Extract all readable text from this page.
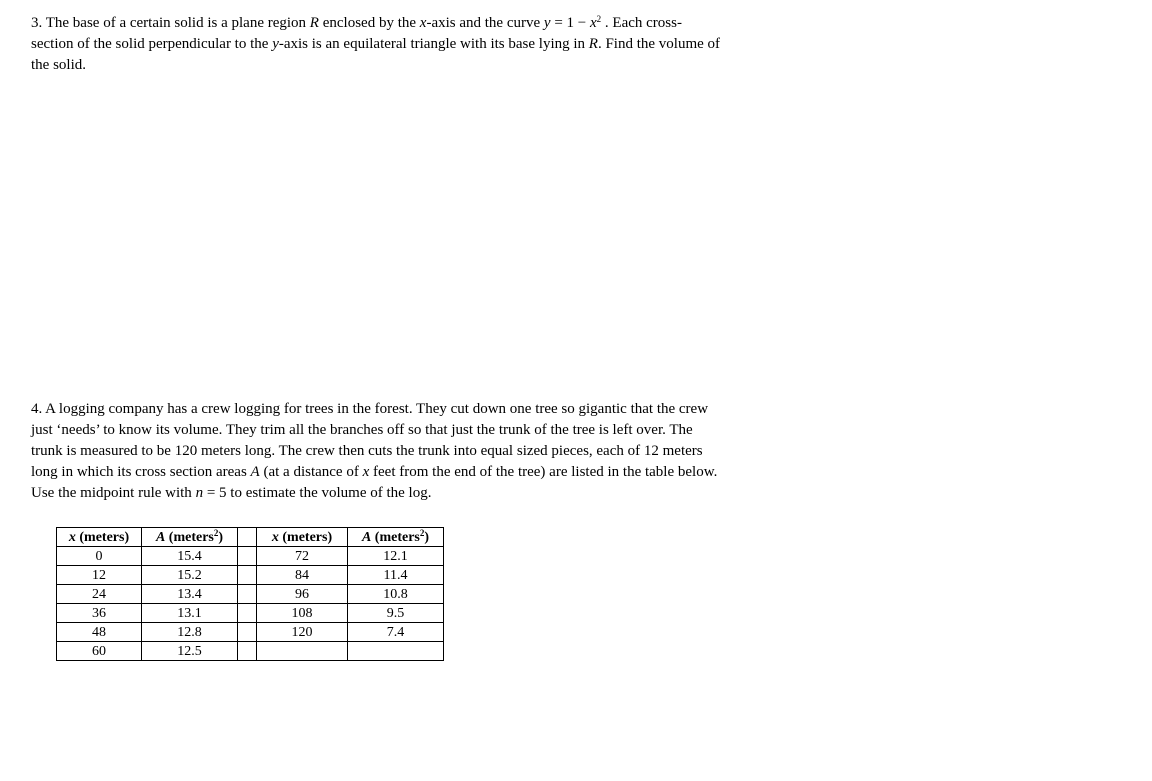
3. The base of a certain solid is a plane region R enclosed by the x-axis and the curve $y = 1 - x^2$ . Each cross-
section of the solid perpendicular to the y-axis is an equilateral triangle with its base lying in R. Find the volume of
the solid.
4. A logging company has a crew logging for trees in the forest. They cut down one tree so gigantic that the crew
just ‘needs’ to know its volume. They trim all the branches off so that just the trunk of the tree is left over. The
trunk is measured to be 120 meters long. The crew then cuts the trunk into equal sized pieces, each of 12 meters
long in which its cross section areas A (at a distance of x feet from the end of the tree) are listed in the table below.
Use the midpoint rule with n = 5 to estimate the volume of the log.
x (meters)	A (meters$^2$)		x (meters)	A (meters$^2$)
0	15.4		72	12.1
12	15.2		84	11.4
24	13.4		96	10.8
36	13.1		108	9.5
48	12.8		120	7.4
60	12.5			
